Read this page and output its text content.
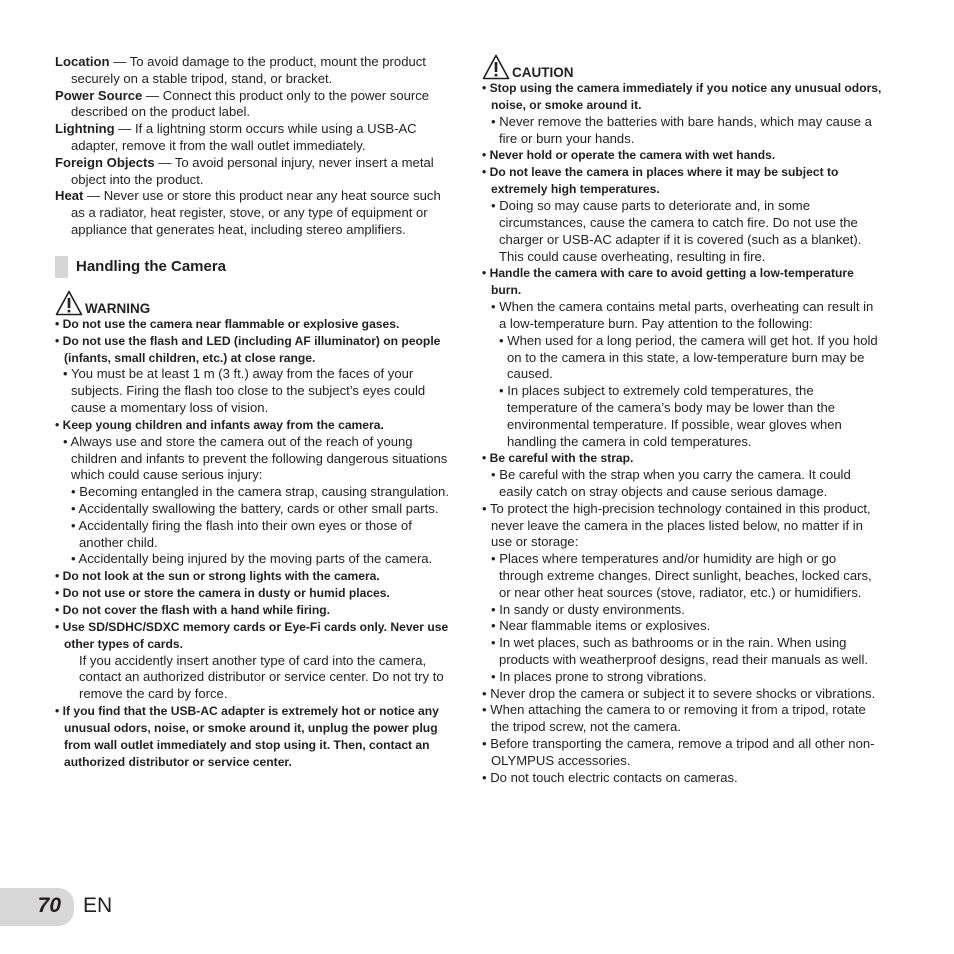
Location — To avoid damage to the product, mount the product securely on a stable tripod, stand, or bracket.

Power Source — Connect this product only to the power source described on the product label.

Lightning — If a lightning storm occurs while using a USB-AC adapter, remove it from the wall outlet immediately.

Foreign Objects — To avoid personal injury, never insert a metal object into the product.

Heat — Never use or store this product near any heat source such as a radiator, heat register, stove, or any type of equipment or appliance that generates heat, including stereo amplifiers.

Handling the Camera
WARNING

• Do not use the camera near flammable or explosive gases.

• Do not use the flash and LED (including AF illuminator) on people (infants, small children, etc.) at close range.

• You must be at least 1 m (3 ft.) away from the faces of your subjects. Firing the flash too close to the subject’s eyes could cause a momentary loss of vision.

• Keep young children and infants away from the camera.

• Always use and store the camera out of the reach of young children and infants to prevent the following dangerous situations which could cause serious injury:

• Becoming entangled in the camera strap, causing strangulation.

• Accidentally swallowing the battery, cards or other small parts.

• Accidentally firing the flash into their own eyes or those of another child.

• Accidentally being injured by the moving parts of the camera.

• Do not look at the sun or strong lights with the camera.

• Do not use or store the camera in dusty or humid places.

• Do not cover the flash with a hand while firing.

• Use SD/SDHC/SDXC memory cards or Eye-Fi cards only. Never use other types of cards.

If you accidently insert another type of card into the camera, contact an authorized distributor or service center. Do not try to remove the card by force.

• If you find that the USB-AC adapter is extremely hot or notice any unusual odors, noise, or smoke around it, unplug the power plug from wall outlet immediately and stop using it. Then, contact an authorized distributor or service center.

CAUTION

• Stop using the camera immediately if you notice any unusual odors, noise, or smoke around it.

• Never remove the batteries with bare hands, which may cause a fire or burn your hands.

• Never hold or operate the camera with wet hands.

• Do not leave the camera in places where it may be subject to extremely high temperatures.

• Doing so may cause parts to deteriorate and, in some circumstances, cause the camera to catch fire. Do not use the charger or USB-AC adapter if it is covered (such as a blanket). This could cause overheating, resulting in fire.

• Handle the camera with care to avoid getting a low-temperature burn.

• When the camera contains metal parts, overheating can result in a low-temperature burn. Pay attention to the following:

• When used for a long period, the camera will get hot. If you hold on to the camera in this state, a low-temperature burn may be caused.

• In places subject to extremely cold temperatures, the temperature of the camera’s body may be lower than the environmental temperature. If possible, wear gloves when handling the camera in cold temperatures.

• Be careful with the strap.

• Be careful with the strap when you carry the camera. It could easily catch on stray objects and cause serious damage.

• To protect the high-precision technology contained in this product, never leave the camera in the places listed below, no matter if in use or storage:

• Places where temperatures and/or humidity are high or go through extreme changes. Direct sunlight, beaches, locked cars, or near other heat sources (stove, radiator, etc.) or humidifiers.

• In sandy or dusty environments.

• Near flammable items or explosives.

• In wet places, such as bathrooms or in the rain. When using products with weatherproof designs, read their manuals as well.

• In places prone to strong vibrations.

• Never drop the camera or subject it to severe shocks or vibrations.

• When attaching the camera to or removing it from a tripod, rotate the tripod screw, not the camera.

• Before transporting the camera, remove a tripod and all other non-OLYMPUS accessories.

• Do not touch electric contacts on cameras.

70 EN
